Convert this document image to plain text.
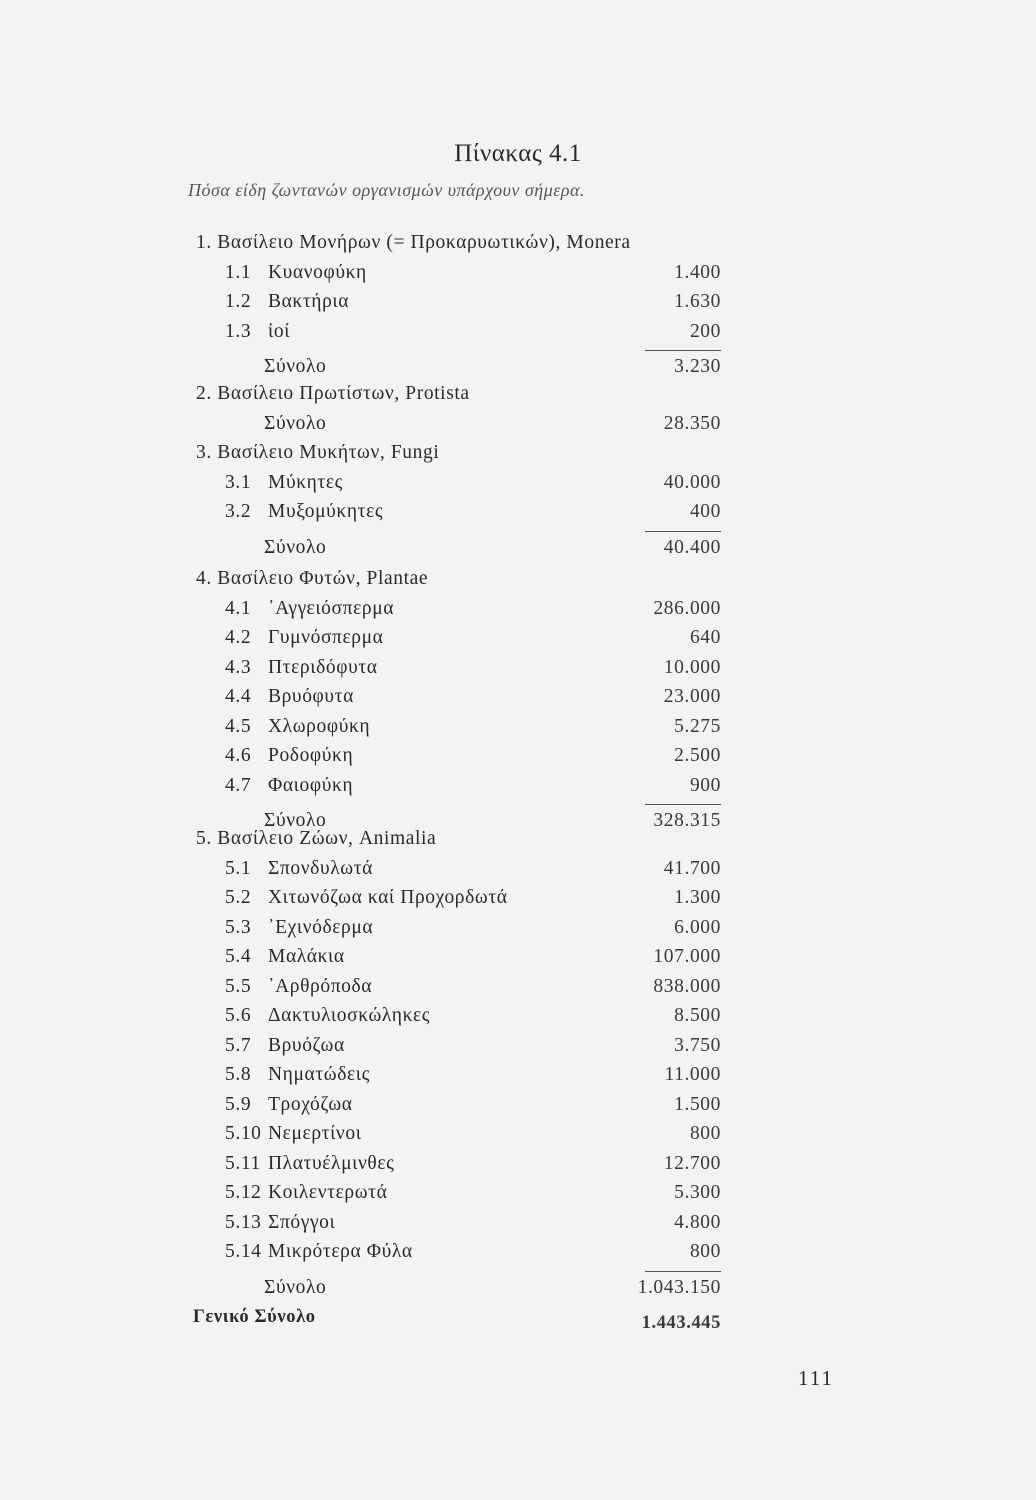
Πίνακας 4.1
Πόσα είδη ζωντανών οργανισμών υπάρχουν σήμερα.
1. Βασίλειο Μονήρων (= Προκαρυωτικών), Monera
1.1 Κυανοφύκη	1.400
1.2 Βακτήρια	1.630
1.3 ἰοί	200
Σύνολο	3.230
2. Βασίλειο Πρωτίστων, Protista
Σύνολο	28.350
3. Βασίλειο Μυκήτων, Fungi
3.1 Μύκητες	40.000
3.2 Μυξομύκητες	400
Σύνολο	40.400
4. Βασίλειο Φυτών, Plantae
4.1 ᾿Αγγειόσπερμα	286.000
4.2 Γυμνόσπερμα	640
4.3 Πτεριδόφυτα	10.000
4.4 Βρυόφυτα	23.000
4.5 Χλωροφύκη	5.275
4.6 Ροδοφύκη	2.500
4.7 Φαιοφύκη	900
Σύνολο	328.315
5. Βασίλειο Ζώων, Animalia
5.1 Σπονδυλωτά	41.700
5.2 Χιτωνόζωα καί Προχορδωτά	1.300
5.3 ᾿Εχινόδερμα	6.000
5.4 Μαλάκια	107.000
5.5 ᾿Αρθρόποδα	838.000
5.6 Δακτυλιοσκώληκες	8.500
5.7 Βρυόζωα	3.750
5.8 Νηματώδεις	11.000
5.9 Τροχόζωα	1.500
5.10 Νεμερτίνοι	800
5.11 Πλατυέλμινθες	12.700
5.12 Κοιλεντερωτά	5.300
5.13 Σπόγγοι	4.800
5.14 Μικρότερα Φύλα	800
Σύνολο	1.043.150
Γενικό Σύνολο	1.443.445
111
